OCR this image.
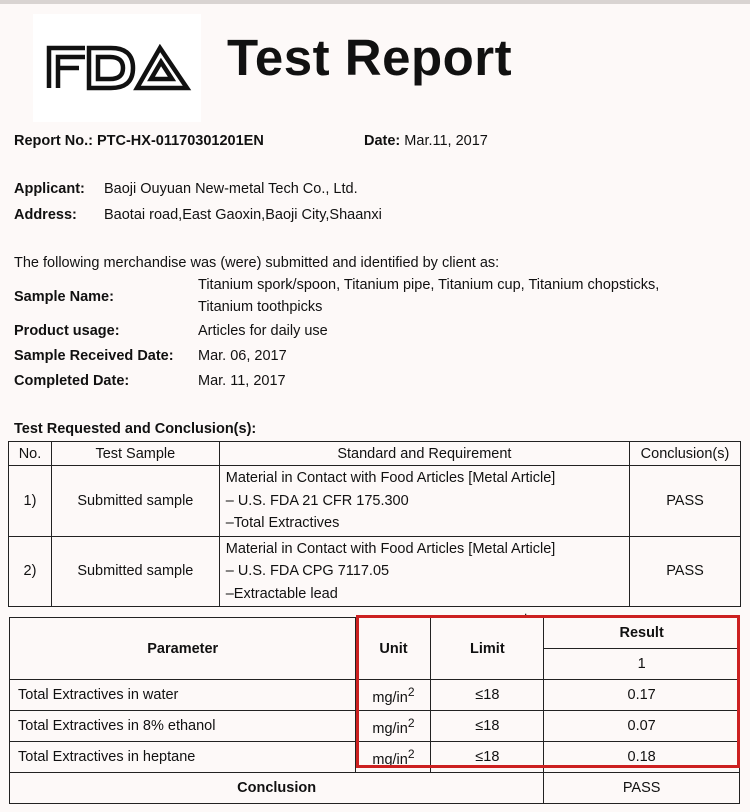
Test Report
Report No.: PTC-HX-01170301201EN	Date: Mar.11, 2017
Applicant: Baoji Ouyuan New-metal Tech Co., Ltd.
Address: Baotai road,East Gaoxin,Baoji City,Shaanxi
The following merchandise was (were) submitted and identified by client as:
Sample Name:
Titanium spork/spoon, Titanium pipe, Titanium cup, Titanium chopsticks,
Titanium toothpicks
Product usage:	Articles for daily use
Sample Received Date: Mar. 06, 2017
Completed Date:	Mar. 11, 2017
Test Requested and Conclusion(s):
No.	Test Sample	Standard and Requirement	Conclusion(s)
1)	Submitted sample	Material in Contact with Food Articles [Metal Article]
– U.S. FDA 21 CFR 175.300
–Total Extractives	PASS
2)	Submitted sample	Material in Contact with Food Articles [Metal Article]
– U.S. FDA CPG 7117.05
–Extractable lead	PASS
.
Parameter	Unit	Limit	Result
			1
Total Extractives in water	$mg/in^2$	≤18	0.17
Total Extractives in 8% ethanol	$mg/in^2$	≤18	0.07
Total Extractives in heptane	$mg/in^2$	≤18	0.18
Conclusion			PASS
